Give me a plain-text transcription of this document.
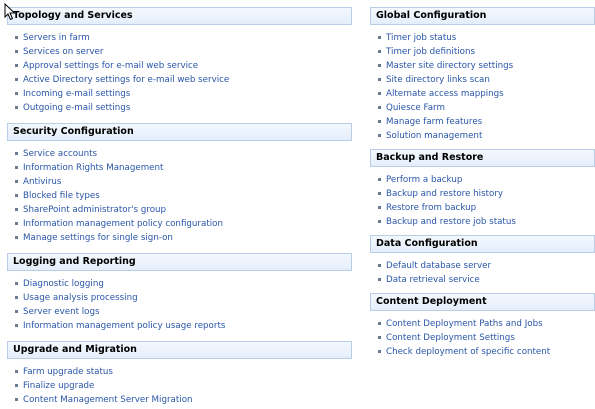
Topology and Services
Servers in farm
Services on server
Approval settings for e-mail web service
Active Directory settings for e-mail web service
Incoming e-mail settings
Outgoing e-mail settings
Security Configuration
Service accounts
Information Rights Management
Antivirus
Blocked file types
SharePoint administrator's group
Information management policy configuration
Manage settings for single sign-on
Logging and Reporting
Diagnostic logging
Usage analysis processing
Server event logs
Information management policy usage reports
Upgrade and Migration
Farm upgrade status
Finalize upgrade
Content Management Server Migration
Global Configuration
Timer job status
Timer job definitions
Master site directory settings
Site directory links scan
Alternate access mappings
Quiesce Farm
Manage farm features
Solution management
Backup and Restore
Perform a backup
Backup and restore history
Restore from backup
Backup and restore job status
Data Configuration
Default database server
Data retrieval service
Content Deployment
Content Deployment Paths and Jobs
Content Deployment Settings
Check deployment of specific content
